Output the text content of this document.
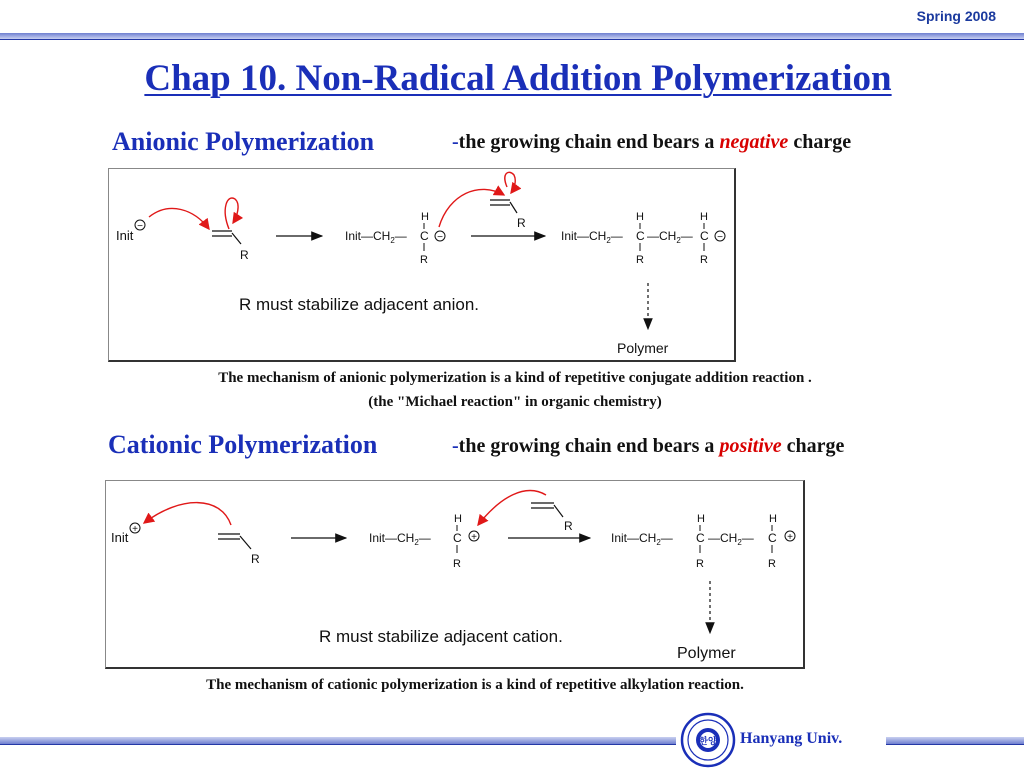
Spring 2008
Chap 10. Non-Radical Addition Polymerization
Anionic Polymerization	-the growing chain end bears a negative charge
Init
−
R
$Init—CH_2—$ C
H
R
−
R
$Init—CH_2—$ C
H
R
$—CH_2—$ C
H
R
−
R must stabilize adjacent anion.
Polymer
The mechanism of anionic polymerization is a kind of repetitive conjugate addition reaction .
(the "Michael reaction" in organic chemistry)
Cationic Polymerization	-the growing chain end bears a positive charge
Init
+
R
$Init—CH_2—$ C
H
R
+
R
$Init—CH_2—$ C
H
R
$—CH_2—$ C
H
R
+
R must stabilize adjacent cation.
Polymer
The mechanism of cationic polymerization is a kind of repetitive alkylation reaction.
한양 Hanyang Univ.
